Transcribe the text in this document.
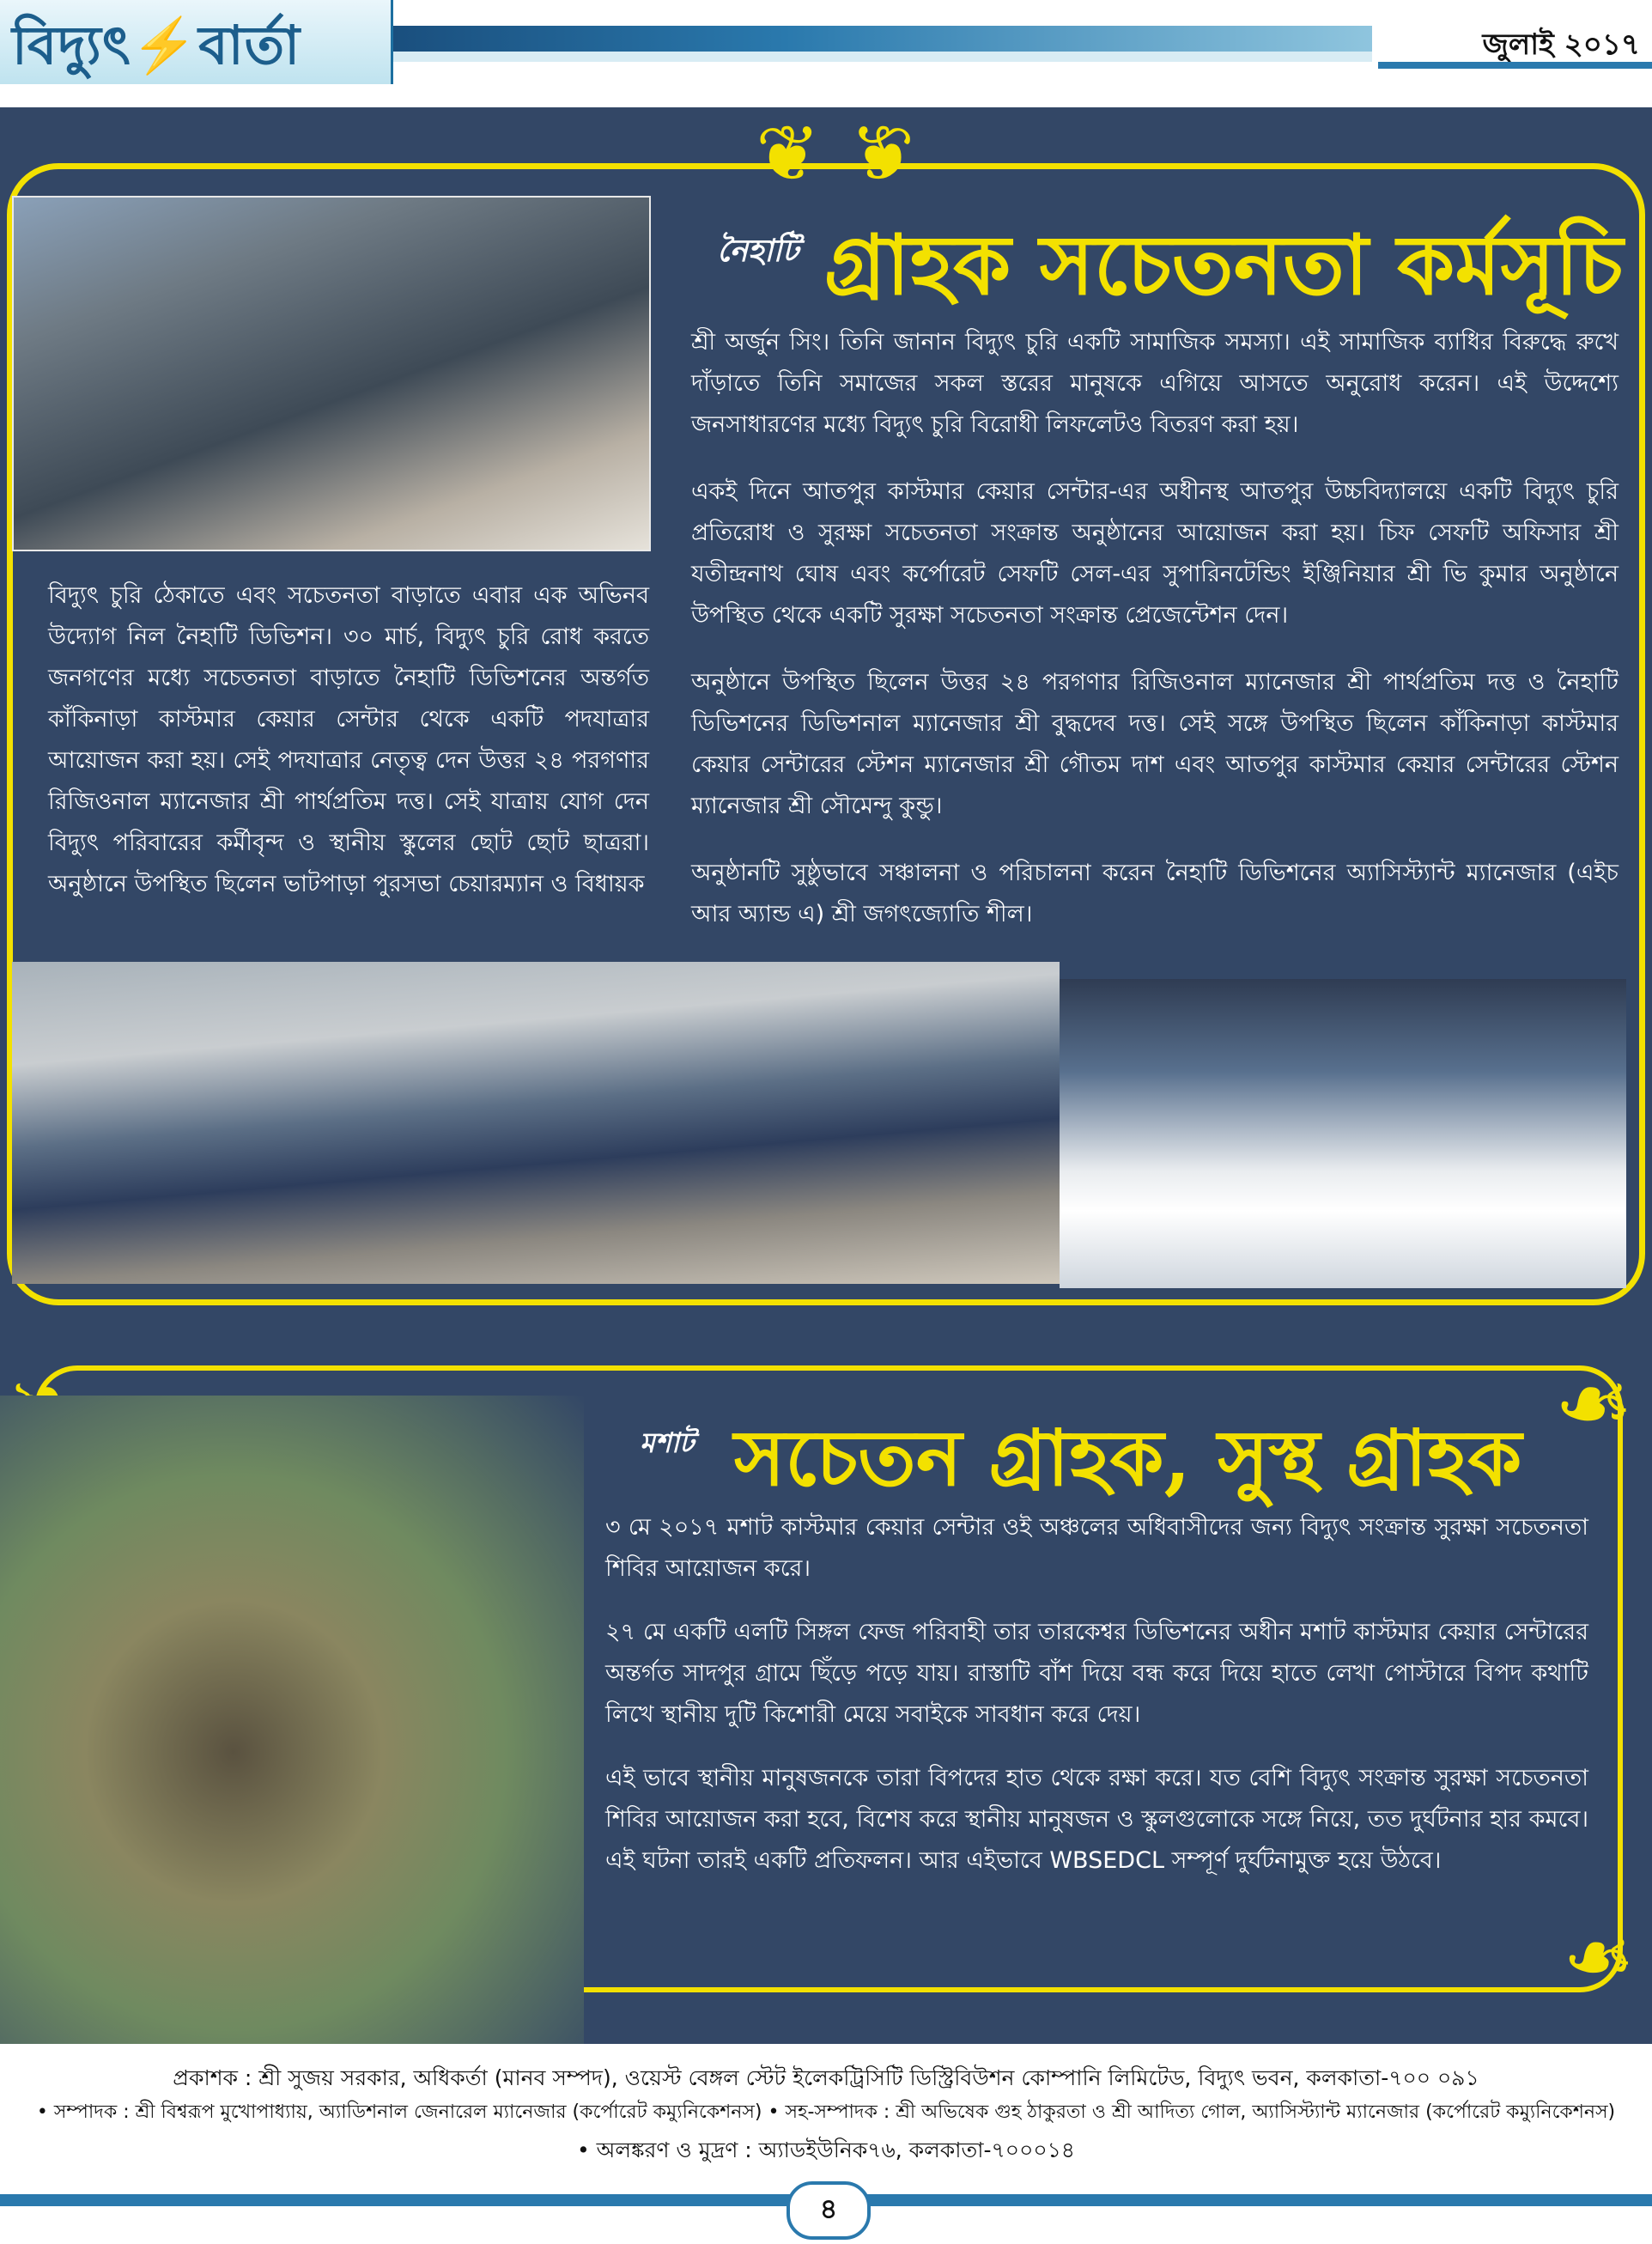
বিদ্যুৎ⚡বার্তা	জুলাই ২০১৭
❦ ❦
❧
❧
নৈহাটি গ্রাহক সচেতনতা কর্মসূচি

শ্রী অর্জুন সিং। তিনি জানান বিদ্যুৎ চুরি একটি সামাজিক সমস্যা। এই সামাজিক ব্যাধির বিরুদ্ধে রুখে দাঁড়াতে তিনি সমাজের সকল স্তরের মানুষকে এগিয়ে আসতে অনুরোধ করেন। এই উদ্দেশ্যে জনসাধারণের মধ্যে বিদ্যুৎ চুরি বিরোধী লিফলেটও বিতরণ করা হয়।

একই দিনে আতপুর কাস্টমার কেয়ার সেন্টার-এর অধীনস্থ আতপুর উচ্চবিদ্যালয়ে একটি বিদ্যুৎ চুরি প্রতিরোধ ও সুরক্ষা সচেতনতা সংক্রান্ত অনুষ্ঠানের আয়োজন করা হয়। চিফ সেফটি অফিসার শ্রী যতীন্দ্রনাথ ঘোষ এবং কর্পোরেট সেফটি সেল-এর সুপারিনটেন্ডিং ইঞ্জিনিয়ার শ্রী ভি কুমার অনুষ্ঠানে উপস্থিত থেকে একটি সুরক্ষা সচেতনতা সংক্রান্ত প্রেজেন্টেশন দেন।

অনুষ্ঠানে উপস্থিত ছিলেন উত্তর ২৪ পরগণার রিজিওনাল ম্যানেজার শ্রী পার্থপ্রতিম দত্ত ও নৈহাটি ডিভিশনের ডিভিশনাল ম্যানেজার শ্রী বুদ্ধদেব দত্ত। সেই সঙ্গে উপস্থিত ছিলেন কাঁকিনাড়া কাস্টমার কেয়ার সেন্টারের স্টেশন ম্যানেজার শ্রী গৌতম দাশ এবং আতপুর কাস্টমার কেয়ার সেন্টারের স্টেশন ম্যানেজার শ্রী সৌমেন্দু কুন্ডু।

অনুষ্ঠানটি সুষ্ঠুভাবে সঞ্চালনা ও পরিচালনা করেন নৈহাটি ডিভিশনের অ্যাসিস্ট্যান্ট ম্যানেজার (এইচ আর অ্যান্ড এ) শ্রী জগৎজ্যোতি শীল।

বিদ্যুৎ চুরি ঠেকাতে এবং সচেতনতা বাড়াতে এবার এক অভিনব উদ্যোগ নিল নৈহাটি ডিভিশন। ৩০ মার্চ, বিদ্যুৎ চুরি রোধ করতে জনগণের মধ্যে সচেতনতা বাড়াতে নৈহাটি ডিভিশনের অন্তর্গত কাঁকিনাড়া কাস্টমার কেয়ার সেন্টার থেকে একটি পদযাত্রার আয়োজন করা হয়। সেই পদযাত্রার নেতৃত্ব দেন উত্তর ২৪ পরগণার রিজিওনাল ম্যানেজার শ্রী পার্থপ্রতিম দত্ত। সেই যাত্রায় যোগ দেন বিদ্যুৎ পরিবারের কর্মীবৃন্দ ও স্থানীয় স্কুলের ছোট ছোট ছাত্ররা। অনুষ্ঠানে উপস্থিত ছিলেন ভাটপাড়া পুরসভা চেয়ারম্যান ও বিধায়ক

মশাট সচেতন গ্রাহক, সুস্থ গ্রাহক

৩ মে ২০১৭ মশাট কাস্টমার কেয়ার সেন্টার ওই অঞ্চলের অধিবাসীদের জন্য বিদ্যুৎ সংক্রান্ত সুরক্ষা সচেতনতা শিবির আয়োজন করে।

২৭ মে একটি এলটি সিঙ্গল ফেজ পরিবাহী তার তারকেশ্বর ডিভিশনের অধীন মশাট কাস্টমার কেয়ার সেন্টারের অন্তর্গত সাদপুর গ্রামে ছিঁড়ে পড়ে যায়। রাস্তাটি বাঁশ দিয়ে বন্ধ করে দিয়ে হাতে লেখা পোস্টারে বিপদ কথাটি লিখে স্থানীয় দুটি কিশোরী মেয়ে সবাইকে সাবধান করে দেয়।

এই ভাবে স্থানীয় মানুষজনকে তারা বিপদের হাত থেকে রক্ষা করে। যত বেশি বিদ্যুৎ সংক্রান্ত সুরক্ষা সচেতনতা শিবির আয়োজন করা হবে, বিশেষ করে স্থানীয় মানুষজন ও স্কুলগুলোকে সঙ্গে নিয়ে, তত দুর্ঘটনার হার কমবে। এই ঘটনা তারই একটি প্রতিফলন। আর এইভাবে WBSEDCL সম্পূর্ণ দুর্ঘটনামুক্ত হয়ে উঠবে।

প্রকাশক : শ্রী সুজয় সরকার, অধিকর্তা (মানব সম্পদ), ওয়েস্ট বেঙ্গল স্টেট ইলেকট্রিসিটি ডিস্ট্রিবিউশন কোম্পানি লিমিটেড, বিদ্যুৎ ভবন, কলকাতা-৭০০ ০৯১
• সম্পাদক : শ্রী বিশ্বরূপ মুখোপাধ্যায়, অ্যাডিশনাল জেনারেল ম্যানেজার (কর্পোরেট কম্যুনিকেশনস) • সহ-সম্পাদক : শ্রী অভিষেক গুহ ঠাকুরতা ও শ্রী আদিত্য গোল, অ্যাসিস্ট্যান্ট ম্যানেজার (কর্পোরেট কম্যুনিকেশনস)
• অলঙ্করণ ও মুদ্রণ : অ্যাডইউনিক৭৬, কলকাতা-৭০০০১৪
৪
